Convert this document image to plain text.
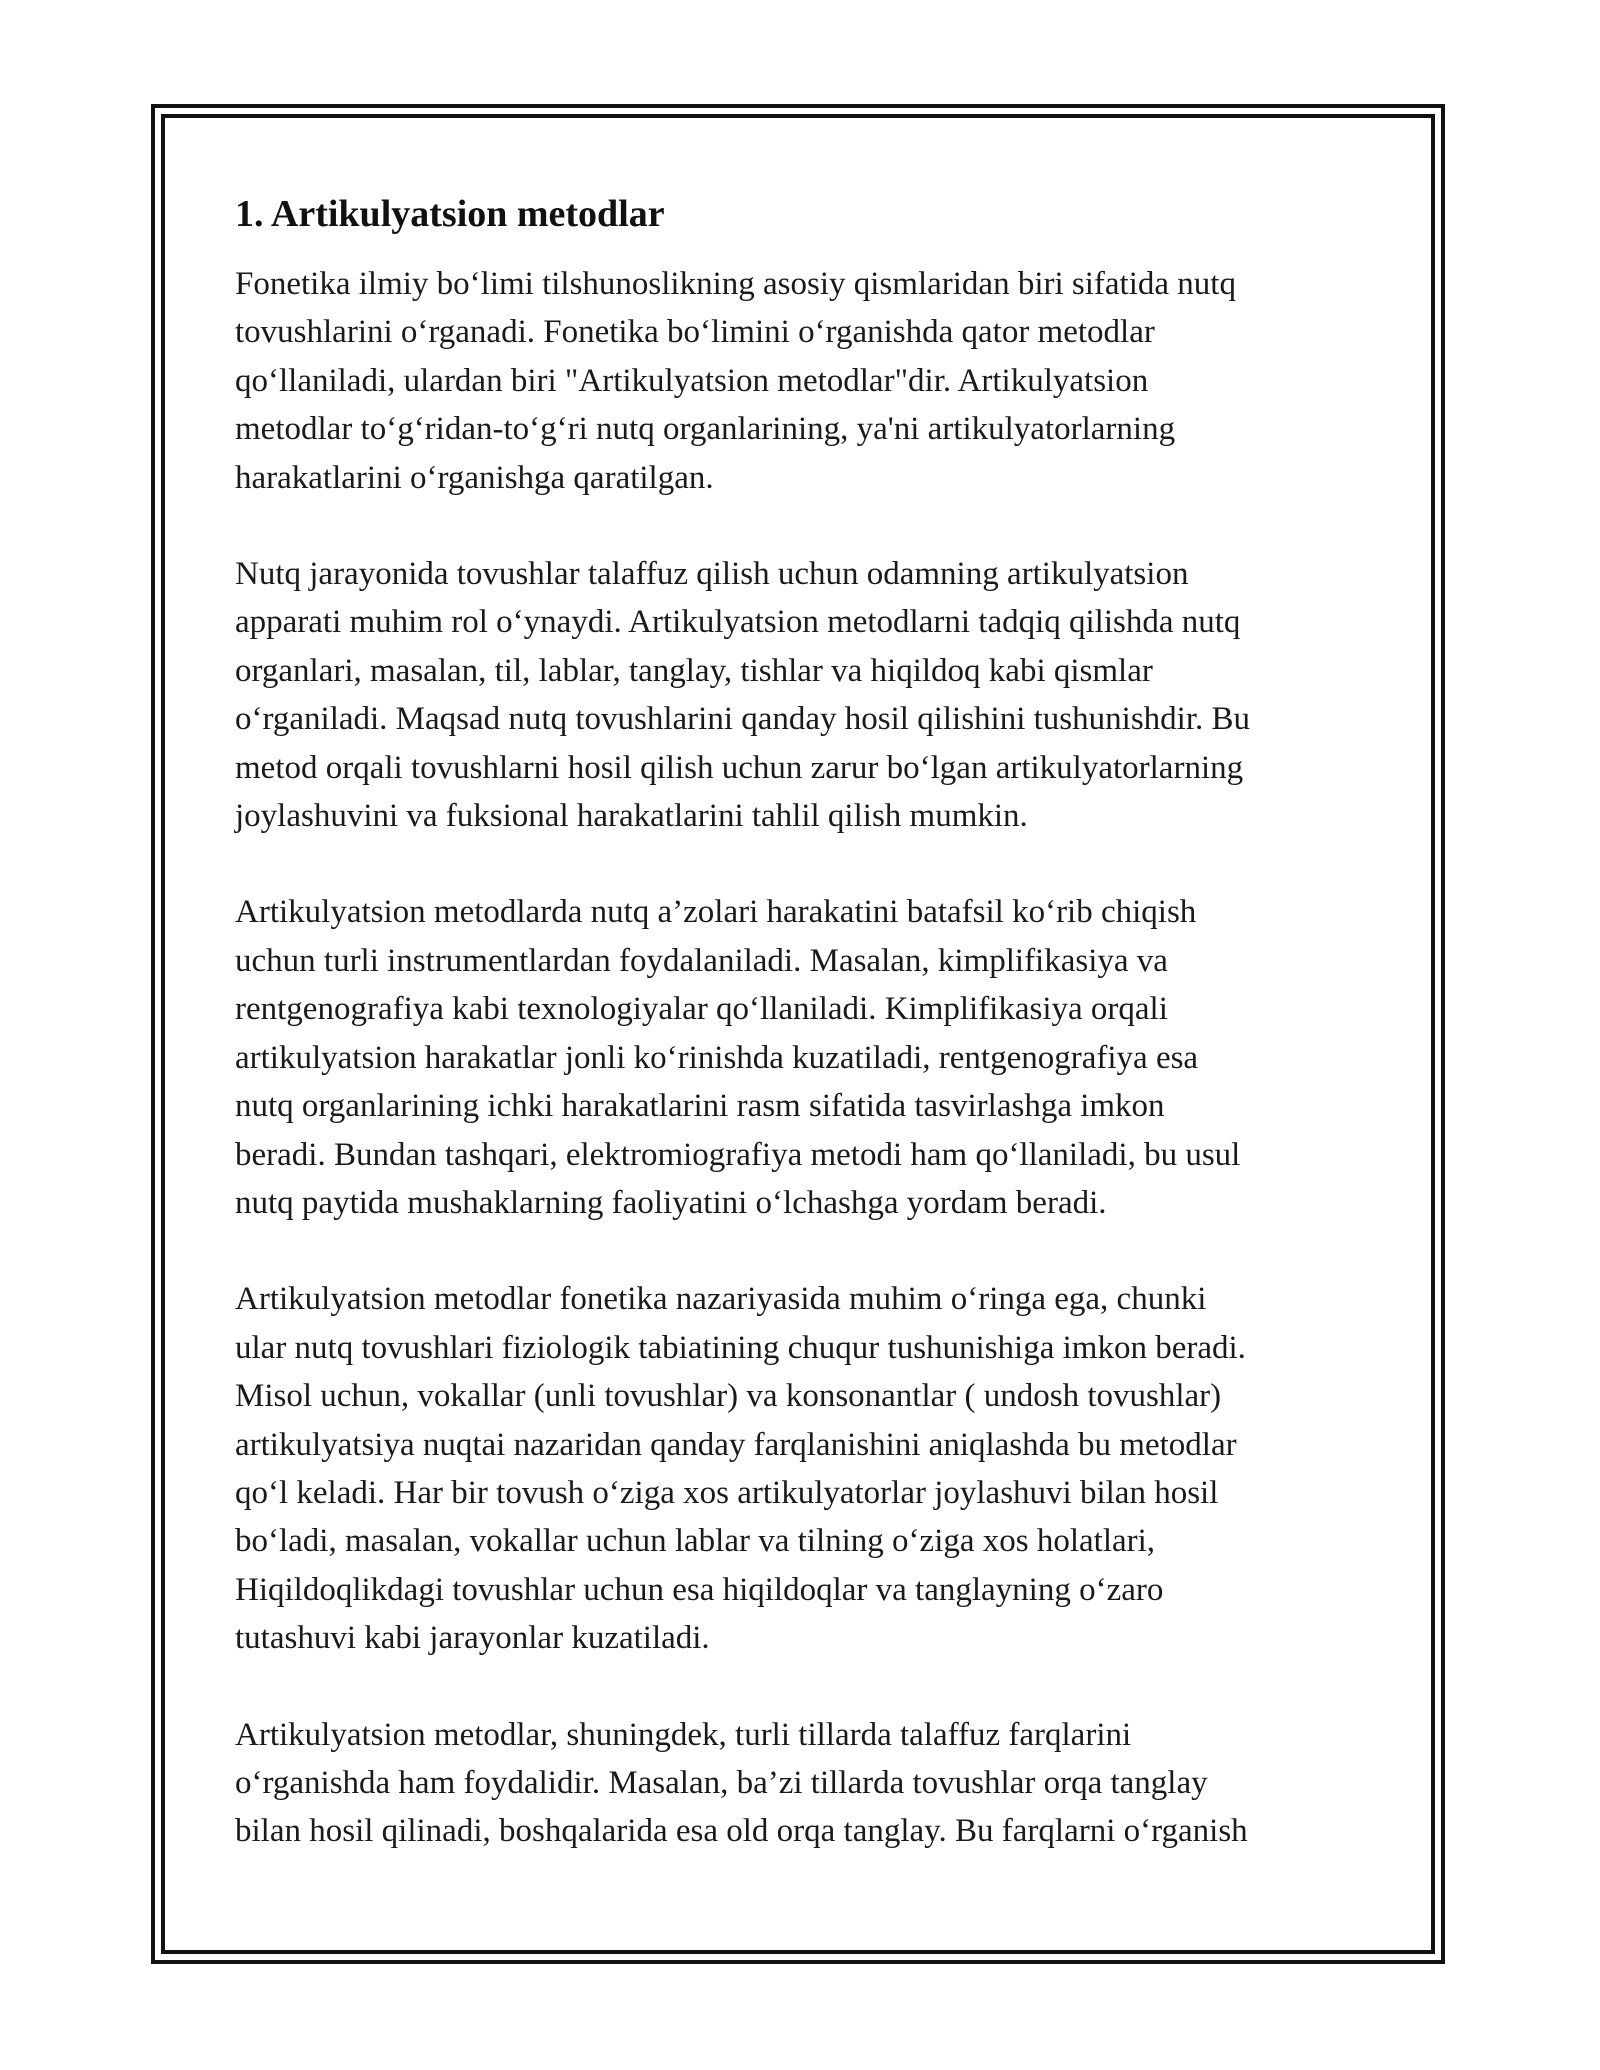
1. Artikulyatsion metodlar
Fonetika ilmiy bo‘limi tilshunoslikning asosiy qismlaridan biri sifatida nutq
tovushlarini o‘rganadi. Fonetika bo‘limini o‘rganishda qator metodlar
qo‘llaniladi, ulardan biri "Artikulyatsion metodlar"dir. Artikulyatsion
metodlar to‘g‘ridan-to‘g‘ri nutq organlarining, ya'ni artikulyatorlarning
harakatlarini o‘rganishga qaratilgan.
Nutq jarayonida tovushlar talaffuz qilish uchun odamning artikulyatsion
apparati muhim rol o‘ynaydi. Artikulyatsion metodlarni tadqiq qilishda nutq
organlari, masalan, til, lablar, tanglay, tishlar va hiqildoq kabi qismlar
o‘rganiladi. Maqsad nutq tovushlarini qanday hosil qilishini tushunishdir. Bu
metod orqali tovushlarni hosil qilish uchun zarur bo‘lgan artikulyatorlarning
joylashuvini va fuksional harakatlarini tahlil qilish mumkin.
Artikulyatsion metodlarda nutq a’zolari harakatini batafsil ko‘rib chiqish
uchun turli instrumentlardan foydalaniladi. Masalan, kimplifikasiya va
rentgenografiya kabi texnologiyalar qo‘llaniladi. Kimplifikasiya orqali
artikulyatsion harakatlar jonli ko‘rinishda kuzatiladi, rentgenografiya esa
nutq organlarining ichki harakatlarini rasm sifatida tasvirlashga imkon
beradi. Bundan tashqari, elektromiografiya metodi ham qo‘llaniladi, bu usul
nutq paytida mushaklarning faoliyatini o‘lchashga yordam beradi.
Artikulyatsion metodlar fonetika nazariyasida muhim o‘ringa ega, chunki
ular nutq tovushlari fiziologik tabiatining chuqur tushunishiga imkon beradi.
Misol uchun, vokallar (unli tovushlar) va konsonantlar ( undosh tovushlar)
artikulyatsiya nuqtai nazaridan qanday farqlanishini aniqlashda bu metodlar
qo‘l keladi. Har bir tovush o‘ziga xos artikulyatorlar joylashuvi bilan hosil
bo‘ladi, masalan, vokallar uchun lablar va tilning o‘ziga xos holatlari,
Hiqildoqlikdagi tovushlar uchun esa hiqildoqlar va tanglayning o‘zaro
tutashuvi kabi jarayonlar kuzatiladi.
Artikulyatsion metodlar, shuningdek, turli tillarda talaffuz farqlarini
o‘rganishda ham foydalidir. Masalan, ba’zi tillarda tovushlar orqa tanglay
bilan hosil qilinadi, boshqalarida esa old orqa tanglay. Bu farqlarni o‘rganish
